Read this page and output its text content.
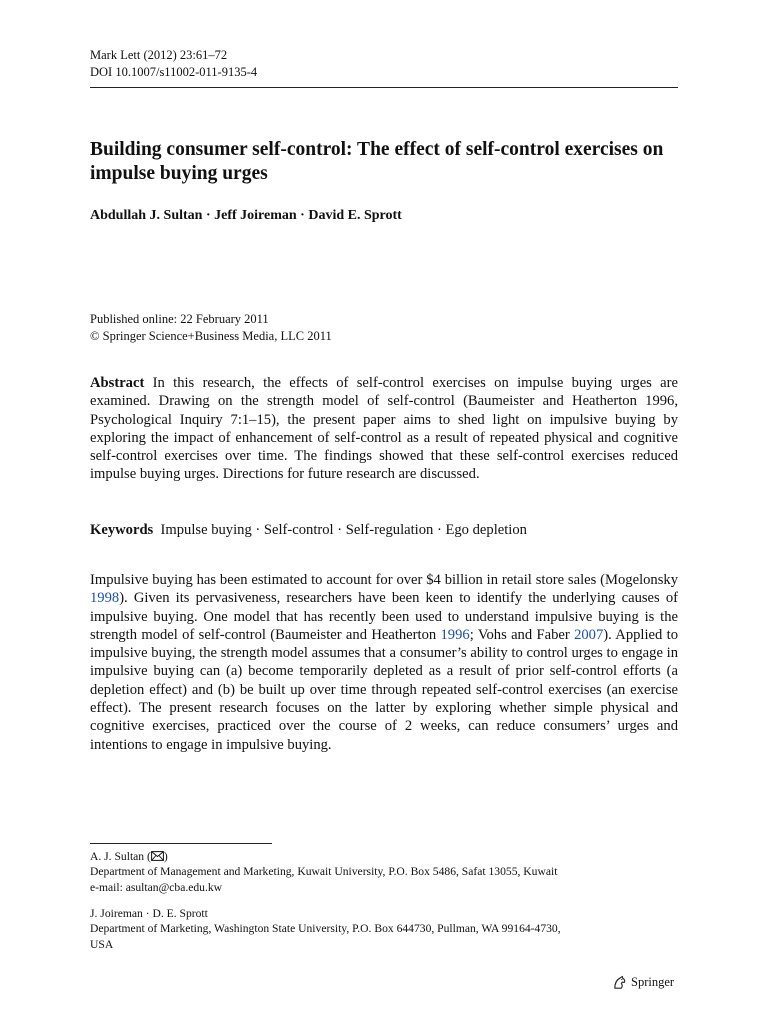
Mark Lett (2012) 23:61–72
DOI 10.1007/s11002-011-9135-4
Building consumer self-control: The effect of self-control exercises on impulse buying urges
Abdullah J. Sultan · Jeff Joireman · David E. Sprott
Published online: 22 February 2011
© Springer Science+Business Media, LLC 2011
Abstract In this research, the effects of self-control exercises on impulse buying urges are examined. Drawing on the strength model of self-control (Baumeister and Heatherton 1996, Psychological Inquiry 7:1–15), the present paper aims to shed light on impulsive buying by exploring the impact of enhancement of self-control as a result of repeated physical and cognitive self-control exercises over time. The findings showed that these self-control exercises reduced impulse buying urges. Directions for future research are discussed.
Keywords Impulse buying · Self-control · Self-regulation · Ego depletion
Impulsive buying has been estimated to account for over $4 billion in retail store sales (Mogelonsky 1998). Given its pervasiveness, researchers have been keen to identify the underlying causes of impulsive buying. One model that has recently been used to understand impulsive buying is the strength model of self-control (Baumeister and Heatherton 1996; Vohs and Faber 2007). Applied to impulsive buying, the strength model assumes that a consumer’s ability to control urges to engage in impulsive buying can (a) become temporarily depleted as a result of prior self-control efforts (a depletion effect) and (b) be built up over time through repeated self-control exercises (an exercise effect). The present research focuses on the latter by exploring whether simple physical and cognitive exercises, practiced over the course of 2 weeks, can reduce consumers’ urges and intentions to engage in impulsive buying.
A. J. Sultan ( )
Department of Management and Marketing, Kuwait University, P.O. Box 5486, Safat 13055, Kuwait
e-mail: asultan@cba.edu.kw
J. Joireman · D. E. Sprott
Department of Marketing, Washington State University, P.O. Box 644730, Pullman, WA 99164-4730,
USA
Springer
